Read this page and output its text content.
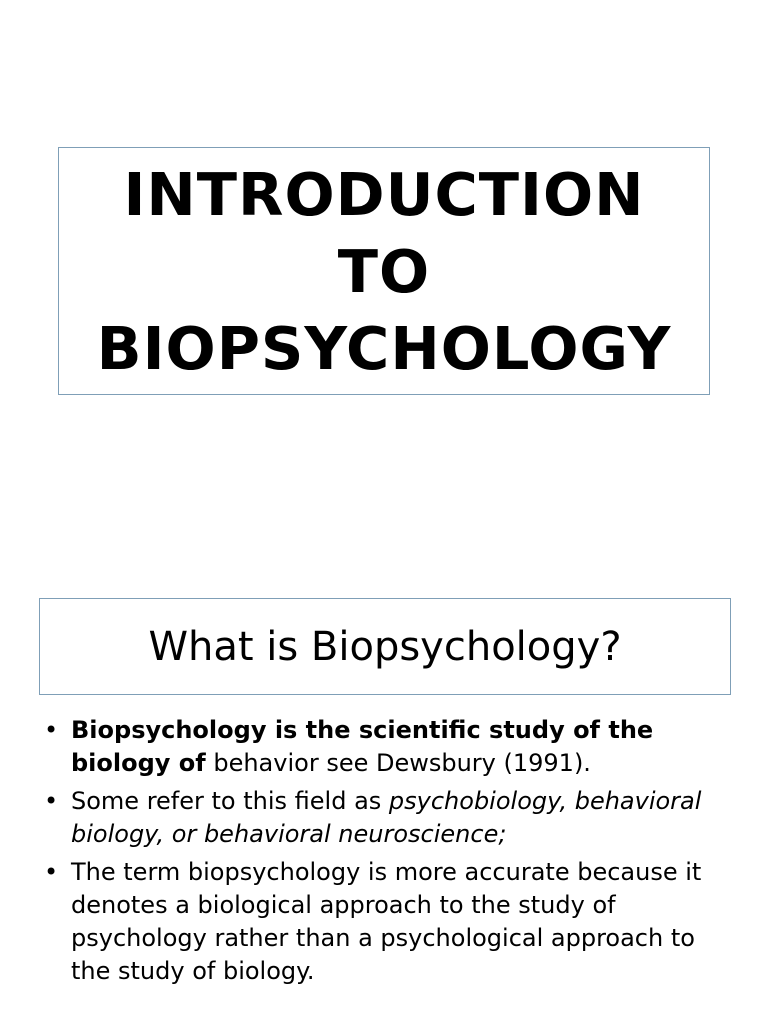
INTRODUCTION
TO
BIOPSYCHOLOGY
What is Biopsychology?
• Biopsychology is the scientific study of the biology of behavior see Dewsbury (1991).
• Some refer to this field as psychobiology, behavioral biology, or behavioral neuroscience;
• The term biopsychology is more accurate because it denotes a biological approach to the study of psychology rather than a psychological approach to the study of biology.
